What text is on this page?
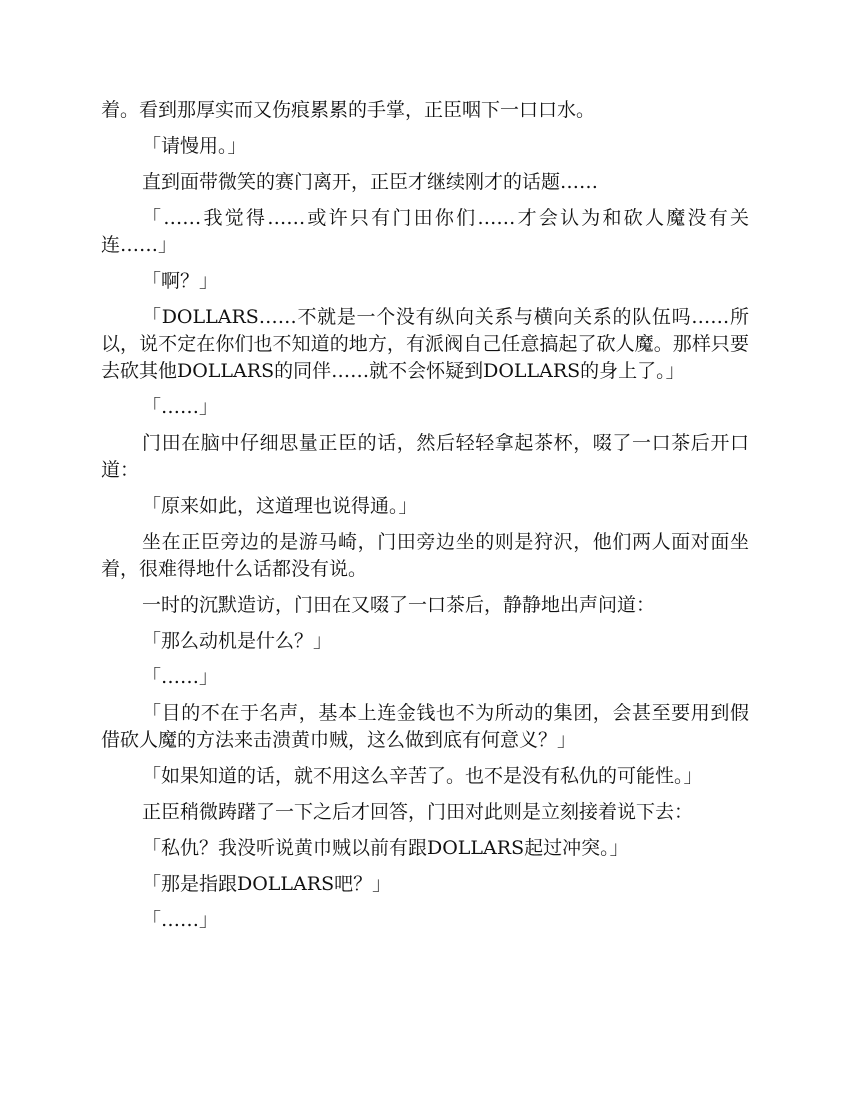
着。看到那厚实而又伤痕累累的手掌，正臣咽下一口口水。

「请慢用。」

直到面带微笑的赛门离开，正臣才继续刚才的话题……

「……我觉得……或许只有门田你们……才会认为和砍人魔没有关连……」

「啊？」

「DOLLARS……不就是一个没有纵向关系与横向关系的队伍吗……所以，说不定在你们也不知道的地方，有派阀自己任意搞起了砍人魔。那样只要去砍其他DOLLARS的同伴……就不会怀疑到DOLLARS的身上了。」

「……」

门田在脑中仔细思量正臣的话，然后轻轻拿起茶杯，啜了一口茶后开口道：

「原来如此，这道理也说得通。」

坐在正臣旁边的是游马崎，门田旁边坐的则是狩沢，他们两人面对面坐着，很难得地什么话都没有说。

一时的沉默造访，门田在又啜了一口茶后，静静地出声问道：

「那么动机是什么？」

「……」

「目的不在于名声，基本上连金钱也不为所动的集团，会甚至要用到假借砍人魔的方法来击溃黄巾贼，这么做到底有何意义？」

「如果知道的话，就不用这么辛苦了。也不是没有私仇的可能性。」

正臣稍微踌躇了一下之后才回答，门田对此则是立刻接着说下去：

「私仇？我没听说黄巾贼以前有跟DOLLARS起过冲突。」

「那是指跟DOLLARS吧？」

「……」
